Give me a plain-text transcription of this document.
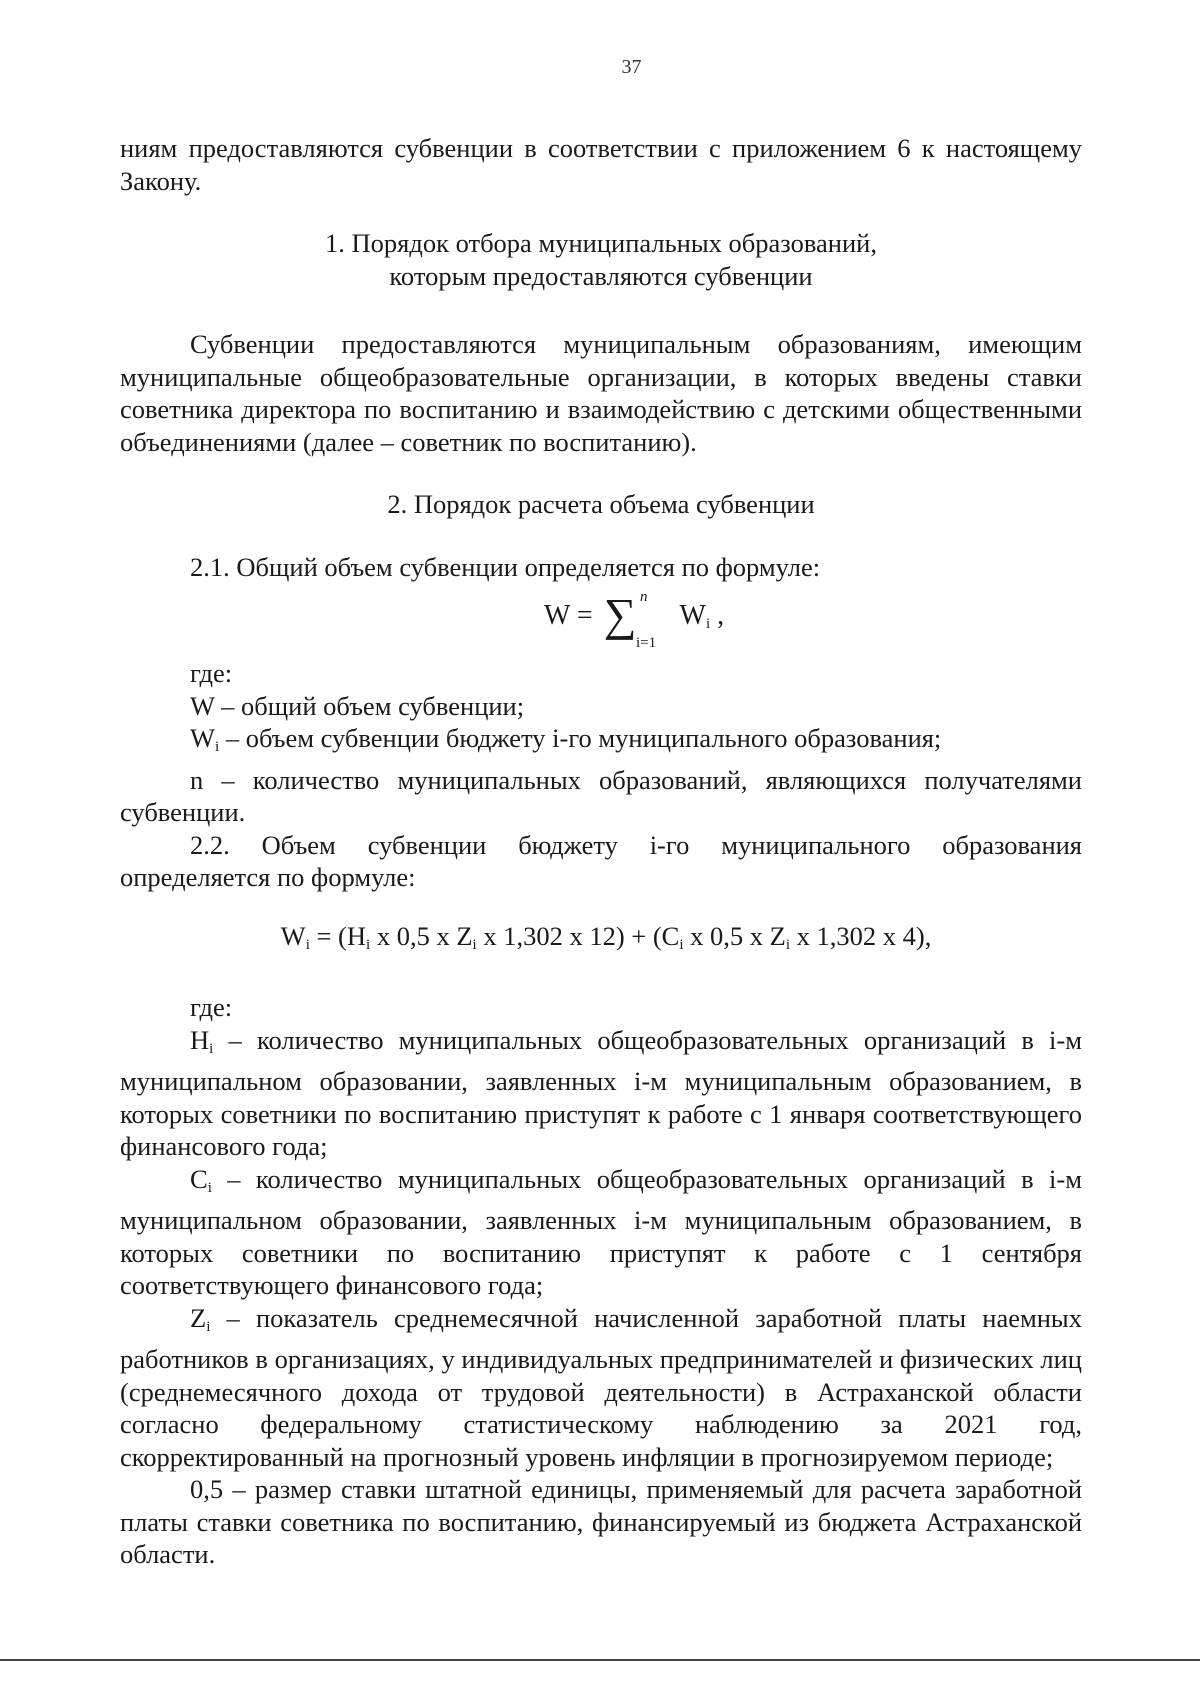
37

ниям предоставляются субвенции в соответствии с приложением 6 к настоящему Закону.

1. Порядок отбора муниципальных образований,

которым предоставляются субвенции

Субвенции предоставляются муниципальным образованиям, имеющим муниципальные общеобразовательные организации, в которых введены ставки советника директора по воспитанию и взаимодействию с детскими общественными объединениями (далее – советник по воспитанию).

2. Порядок расчета объема субвенции

2.1. Общий объем субвенции определяется по формуле:

W = ∑ n
i=1
$W_i$ ,

где:

W – общий объем субвенции;

$W_i$ – объем субвенции бюджету i-го муниципального образования;

n – количество муниципальных образований, являющихся получателями субвенции.

2.2. Объем субвенции бюджету i-го муниципального образования определяется по формуле:

$W_i = (H_i$ x 0,5 x $Z_i$ x 1,302 x $12) + (C_i$ x 0,5 x $Z_i$ x 1,302 x 4),

где:

$H_i$ – количество муниципальных общеобразовательных организаций в i-м муниципальном образовании, заявленных i-м муниципальным образованием, в которых советники по воспитанию приступят к работе с 1 января соответствующего финансового года;

$C_i$ – количество муниципальных общеобразовательных организаций в i-м муниципальном образовании, заявленных i-м муниципальным образованием, в которых советники по воспитанию приступят к работе с 1 сентября соответствующего финансового года;

$Z_i$ – показатель среднемесячной начисленной заработной платы наемных работников в организациях, у индивидуальных предпринимателей и физических лиц (среднемесячного дохода от трудовой деятельности) в Астраханской области согласно федеральному статистическому наблюдению за 2021 год, скорректированный на прогнозный уровень инфляции в прогнозируемом периоде;

0,5 – размер ставки штатной единицы, применяемый для расчета заработной платы ставки советника по воспитанию, финансируемый из бюджета Астраханской области.
